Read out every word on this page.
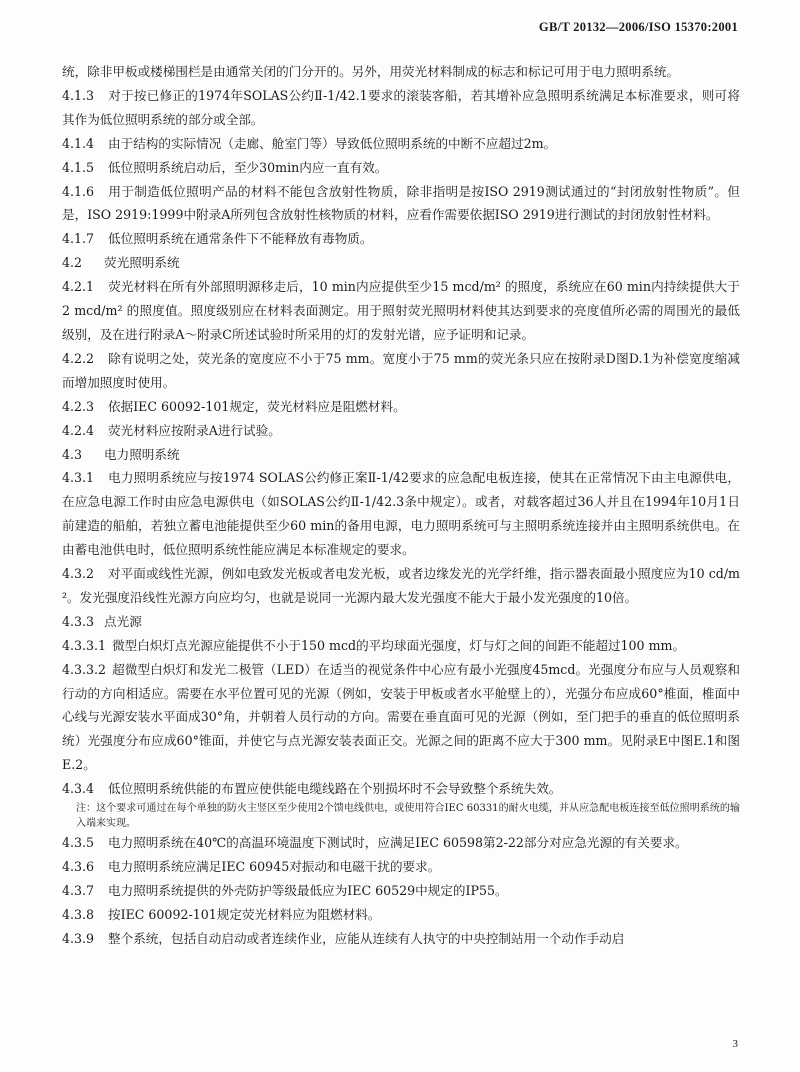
GB/T 20132—2006/ISO 15370:2001

统，除非甲板或楼梯围栏是由通常关闭的门分开的。另外，用荧光材料制成的标志和标记可用于电力照明系统。

4.1.3 对于按已修正的1974年SOLAS公约Ⅱ-1/42.1要求的滚装客船，若其增补应急照明系统满足本标准要求，则可将其作为低位照明系统的部分或全部。

4.1.4 由于结构的实际情况（走廊、舱室门等）导致低位照明系统的中断不应超过2m。

4.1.5 低位照明系统启动后，至少30min内应一直有效。

4.1.6 用于制造低位照明产品的材料不能包含放射性物质，除非指明是按ISO 2919测试通过的“封闭放射性物质”。但是，ISO 2919:1999中附录A所列包含放射性核物质的材料，应看作需要依据ISO 2919进行测试的封闭放射性材料。

4.1.7 低位照明系统在通常条件下不能释放有毒物质。

4.2 荧光照明系统

4.2.1 荧光材料在所有外部照明源移走后，10 min内应提供至少15 mcd/m² 的照度，系统应在60 min内持续提供大于2 mcd/m² 的照度值。照度级别应在材料表面测定。用于照射荧光照明材料使其达到要求的亮度值所必需的周围光的最低级别，及在进行附录A～附录C所述试验时所采用的灯的发射光谱，应予证明和记录。

4.2.2 除有说明之处，荧光条的宽度应不小于75 mm。宽度小于75 mm的荧光条只应在按附录D图D.1为补偿宽度缩减而增加照度时使用。

4.2.3 依据IEC 60092-101规定，荧光材料应是阻燃材料。

4.2.4 荧光材料应按附录A进行试验。

4.3 电力照明系统

4.3.1 电力照明系统应与按1974 SOLAS公约修正案Ⅱ-1/42要求的应急配电板连接，使其在正常情况下由主电源供电，在应急电源工作时由应急电源供电（如SOLAS公约Ⅱ-1/42.3条中规定）。或者，对载客超过36人并且在1994年10月1日前建造的船舶，若独立蓄电池能提供至少60 min的备用电源，电力照明系统可与主照明系统连接并由主照明系统供电。在由蓄电池供电时，低位照明系统性能应满足本标准规定的要求。

4.3.2 对平面或线性光源，例如电致发光板或者电发光板，或者边缘发光的光学纤维，指示器表面最小照度应为10 cd/m²。发光强度沿线性光源方向应均匀，也就是说同一光源内最大发光强度不能大于最小发光强度的10倍。

4.3.3 点光源

4.3.3.1 微型白炽灯点光源应能提供不小于150 mcd的平均球面光强度，灯与灯之间的间距不能超过100 mm。

4.3.3.2 超微型白炽灯和发光二极管（LED）在适当的视觉条件中心应有最小光强度45mcd。光强度分布应与人员观察和行动的方向相适应。需要在水平位置可见的光源（例如，安装于甲板或者水平舱壁上的），光强分布应成60°椎面，椎面中心线与光源安装水平面成30°角，并朝着人员行动的方向。需要在垂直面可见的光源（例如，至门把手的垂直的低位照明系统）光强度分布应成60°锥面，并使它与点光源安装表面正交。光源之间的距离不应大于300 mm。见附录E中图E.1和图E.2。

4.3.4 低位照明系统供能的布置应使供能电缆线路在个别损坏时不会导致整个系统失效。

注：这个要求可通过在每个单独的防火主竖区至少使用2个馈电线供电，或使用符合IEC 60331的耐火电缆，并从应急配电板连接至低位照明系统的输入端来实现。

4.3.5 电力照明系统在40℃的高温环境温度下测试时，应满足IEC 60598第2-22部分对应急光源的有关要求。

4.3.6 电力照明系统应满足IEC 60945对振动和电磁干扰的要求。

4.3.7 电力照明系统提供的外壳防护等级最低应为IEC 60529中规定的IP55。

4.3.8 按IEC 60092-101规定荧光材料应为阻燃材料。

4.3.9 整个系统，包括自动启动或者连续作业，应能从连续有人执守的中央控制站用一个动作手动启

3
